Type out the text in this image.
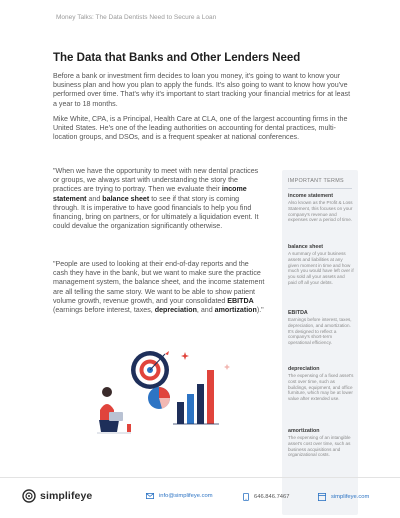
Money Talks: The Data Dentists Need to Secure a Loan
The Data that Banks and Other Lenders Need

Before a bank or investment firm decides to loan you money, it's going to want to know your business plan and how you plan to apply the funds. It's also going to want to know how you've performed over time. That's why it's important to start tracking your financial metrics for at least a year to 18 months.

Mike White, CPA, is a Principal, Health Care at CLA, one of the largest accounting firms in the United States. He's one of the leading authorities on accounting for dental practices, multi-location groups, and DSOs, and is a frequent speaker at national conferences.

"When we have the opportunity to meet with new dental practices or groups, we always start with understanding the story the practices are trying to portray. Then we evaluate their income statement and balance sheet to see if that story is coming through. It is imperative to have good financials to help you find financing, bring on partners, or for ultimately a liquidation event. It could devalue the organization significantly otherwise.

"People are used to looking at their end-of-day reports and the cash they have in the bank, but we want to make sure the practice management system, the balance sheet, and the income statement are all telling the same story. We want to be able to show patient volume growth, revenue growth, and your consolidated EBITDA (earnings before interest, taxes, depreciation, and amortization)."

IMPORTANT TERMS
income statement
Also known as the Profit & Loss Statement, this focuses on your company's revenue and expenses over a period of time.
balance sheet
A summary of your business assets and liabilities at any given moment in time and how much you would have left over if you sold all your assets and paid off all your debts.
EBITDA
Earnings before interest, taxes, depreciation, and amortization. It's designed to reflect a company's short-term operational efficiency.
depreciation
The expensing of a fixed asset's cost over time, such as buildings, equipment, and office furniture, which may be at lower value after extended use.
amortization
The expensing of an intangible asset's cost over time, such as business acquisitions and organizational costs.
simplifeye	info@simplifeye.com	646.846.7467	simplifeye.com
